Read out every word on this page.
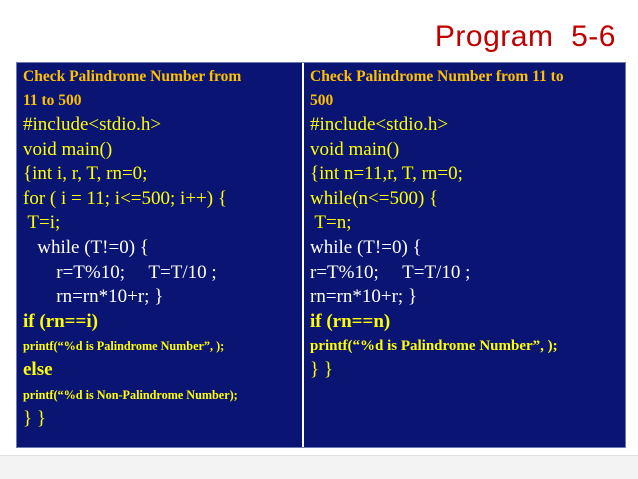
Program  5-6
Check Palindrome Number from
11 to 500
#include<stdio.h>
void main()
{int i, r, T, rn=0;
for ( i = 11; i<=500; i++) {
T=i;
while (T!=0) {
r=T%10;     T=T/10 ;
rn=rn*10+r; }
if (rn==i)
printf(“%d is Palindrome Number”, );
else
printf(“%d is Non-Palindrome Number);
} }
Check Palindrome Number from 11 to
500
#include<stdio.h>
void main()
{int n=11,r, T, rn=0;
while(n<=500) {
T=n;
while (T!=0) {
r=T%10;     T=T/10 ;
rn=rn*10+r; }
if (rn==n)
printf(“%d is Palindrome Number”, );
} }
